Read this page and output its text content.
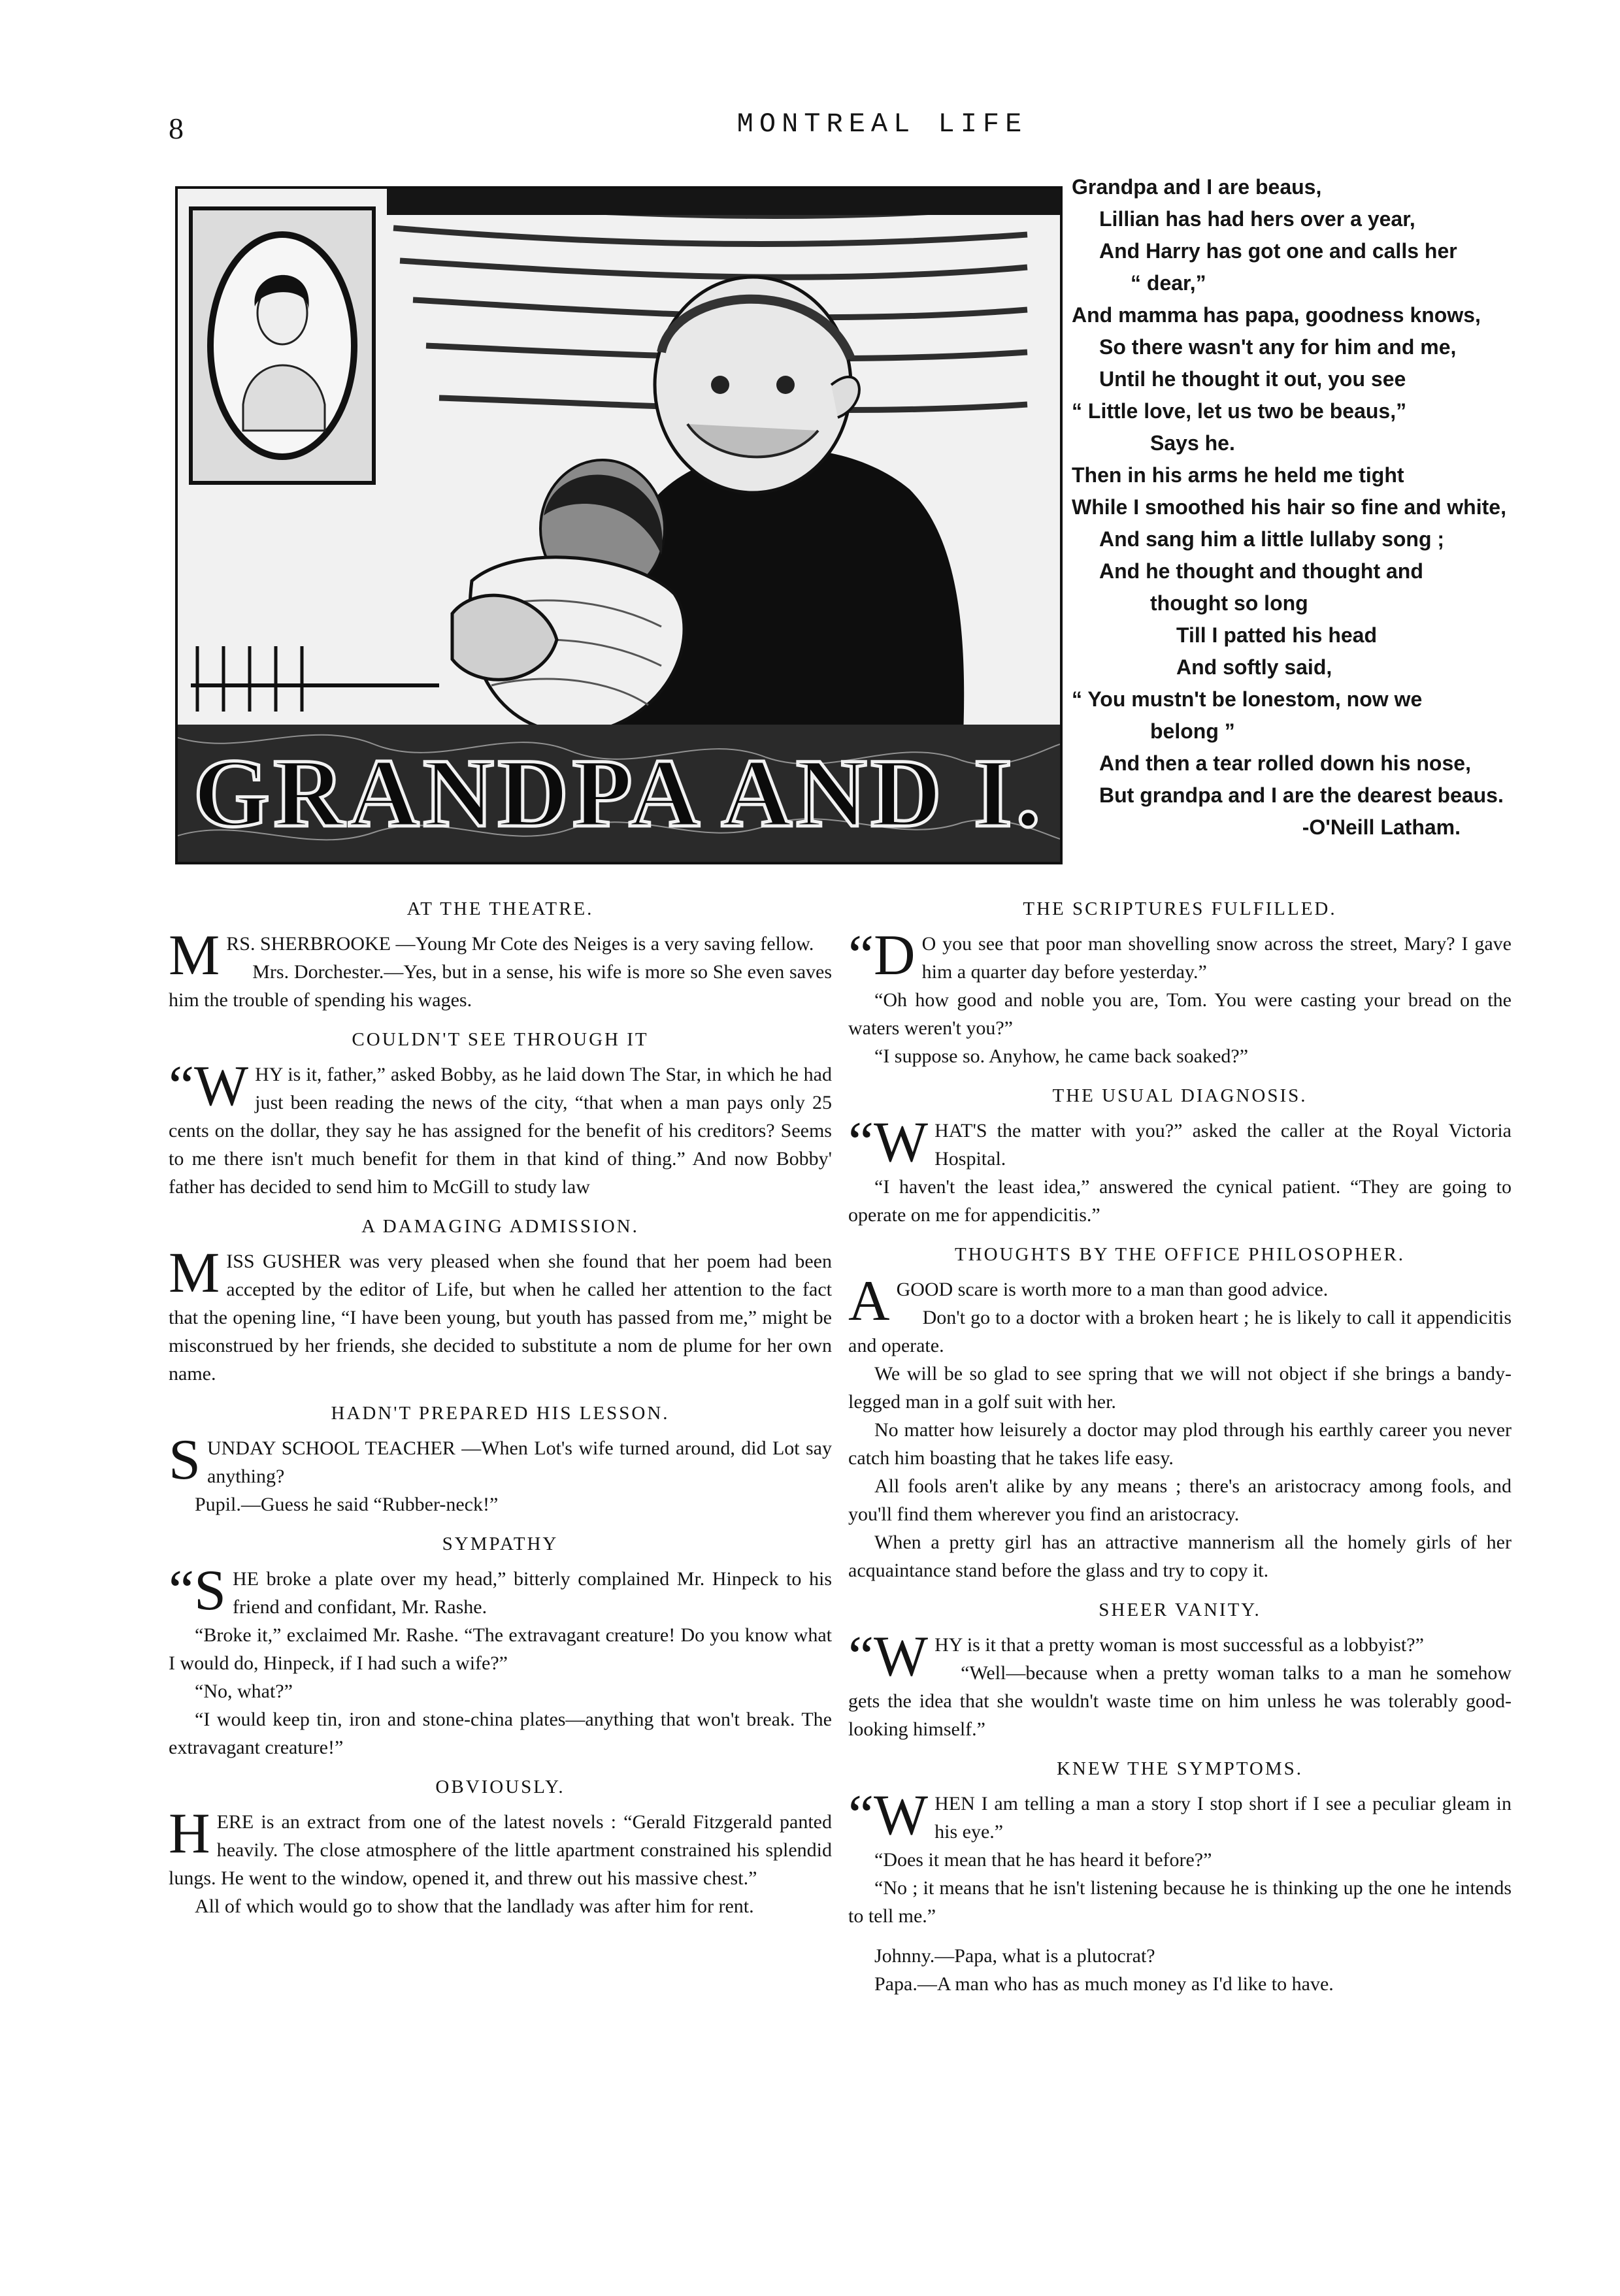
8	MONTREAL LIFE
GRANDPA AND I.
Grandpa and I are beaus,
Lillian has had hers over a year,
And Harry has got one and calls her
“ dear,”
And mamma has papa, goodness knows,
So there wasn't any for him and me,
Until he thought it out, you see
“ Little love, let us two be beaus,”
Says he.
Then in his arms he held me tight
While I smoothed his hair so fine and white,
And sang him a little lullaby song ;
And he thought and thought and
thought so long
Till I patted his head
And softly said,
“ You mustn't be lonestom, now we
belong ”
And then a tear rolled down his nose,
But grandpa and I are the dearest beaus.
-O'Neill Latham.
AT THE THEATRE.

MRS. SHERBROOKE —Young Mr Cote des Neiges is a very saving fellow.

Mrs. Dorchester.—Yes, but in a sense, his wife is more so She even saves him the trouble of spending his wages.

COULDN'T SEE THROUGH IT

“WHY is it, father,” asked Bobby, as he laid down The Star, in which he had just been reading the news of the city, “that when a man pays only 25 cents on the dollar, they say he has assigned for the benefit of his creditors? Seems to me there isn't much benefit for them in that kind of thing.” And now Bobby' father has decided to send him to McGill to study law

A DAMAGING ADMISSION.

MISS GUSHER was very pleased when she found that her poem had been accepted by the editor of Life, but when he called her attention to the fact that the opening line, “I have been young, but youth has passed from me,” might be misconstrued by her friends, she decided to substitute a nom de plume for her own name.

HADN'T PREPARED HIS LESSON.

SUNDAY SCHOOL TEACHER —When Lot's wife turned around, did Lot say anything?

Pupil.—Guess he said “Rubber-neck!”

SYMPATHY

“SHE broke a plate over my head,” bitterly complained Mr. Hinpeck to his friend and confidant, Mr. Rashe.

“Broke it,” exclaimed Mr. Rashe. “The extravagant creature! Do you know what I would do, Hinpeck, if I had such a wife?”

“No, what?”

“I would keep tin, iron and stone-china plates—anything that won't break. The extravagant creature!”

OBVIOUSLY.

HERE is an extract from one of the latest novels : “Gerald Fitzgerald panted heavily. The close atmosphere of the little apartment constrained his splendid lungs. He went to the window, opened it, and threw out his massive chest.”

All of which would go to show that the landlady was after him for rent.

THE SCRIPTURES FULFILLED.

“D O you see that poor man shovelling snow across the street, Mary? I gave him a quarter day before yesterday.”

“Oh how good and noble you are, Tom. You were casting your bread on the waters weren't you?”

“I suppose so. Anyhow, he came back soaked?”

THE USUAL DIAGNOSIS.

“WHAT'S the matter with you?” asked the caller at the Royal Victoria Hospital.

“I haven't the least idea,” answered the cynical patient. “They are going to operate on me for appendicitis.”

THOUGHTS BY THE OFFICE PHILOSOPHER.

AGOOD scare is worth more to a man than good advice.

Don't go to a doctor with a broken heart ; he is likely to call it appendicitis and operate.

We will be so glad to see spring that we will not object if she brings a bandy-legged man in a golf suit with her.

No matter how leisurely a doctor may plod through his earthly career you never catch him boasting that he takes life easy.

All fools aren't alike by any means ; there's an aristocracy among fools, and you'll find them wherever you find an aristocracy.

When a pretty girl has an attractive mannerism all the homely girls of her acquaintance stand before the glass and try to copy it.

SHEER VANITY.

“WHY is it that a pretty woman is most successful as a lobbyist?”

“Well—because when a pretty woman talks to a man he somehow gets the idea that she wouldn't waste time on him unless he was tolerably good-looking himself.”

KNEW THE SYMPTOMS.

“WHEN I am telling a man a story I stop short if I see a peculiar gleam in his eye.”

“Does it mean that he has heard it before?”

“No ; it means that he isn't listening because he is thinking up the one he intends to tell me.”

Johnny.—Papa, what is a plutocrat?

Papa.—A man who has as much money as I'd like to have.
